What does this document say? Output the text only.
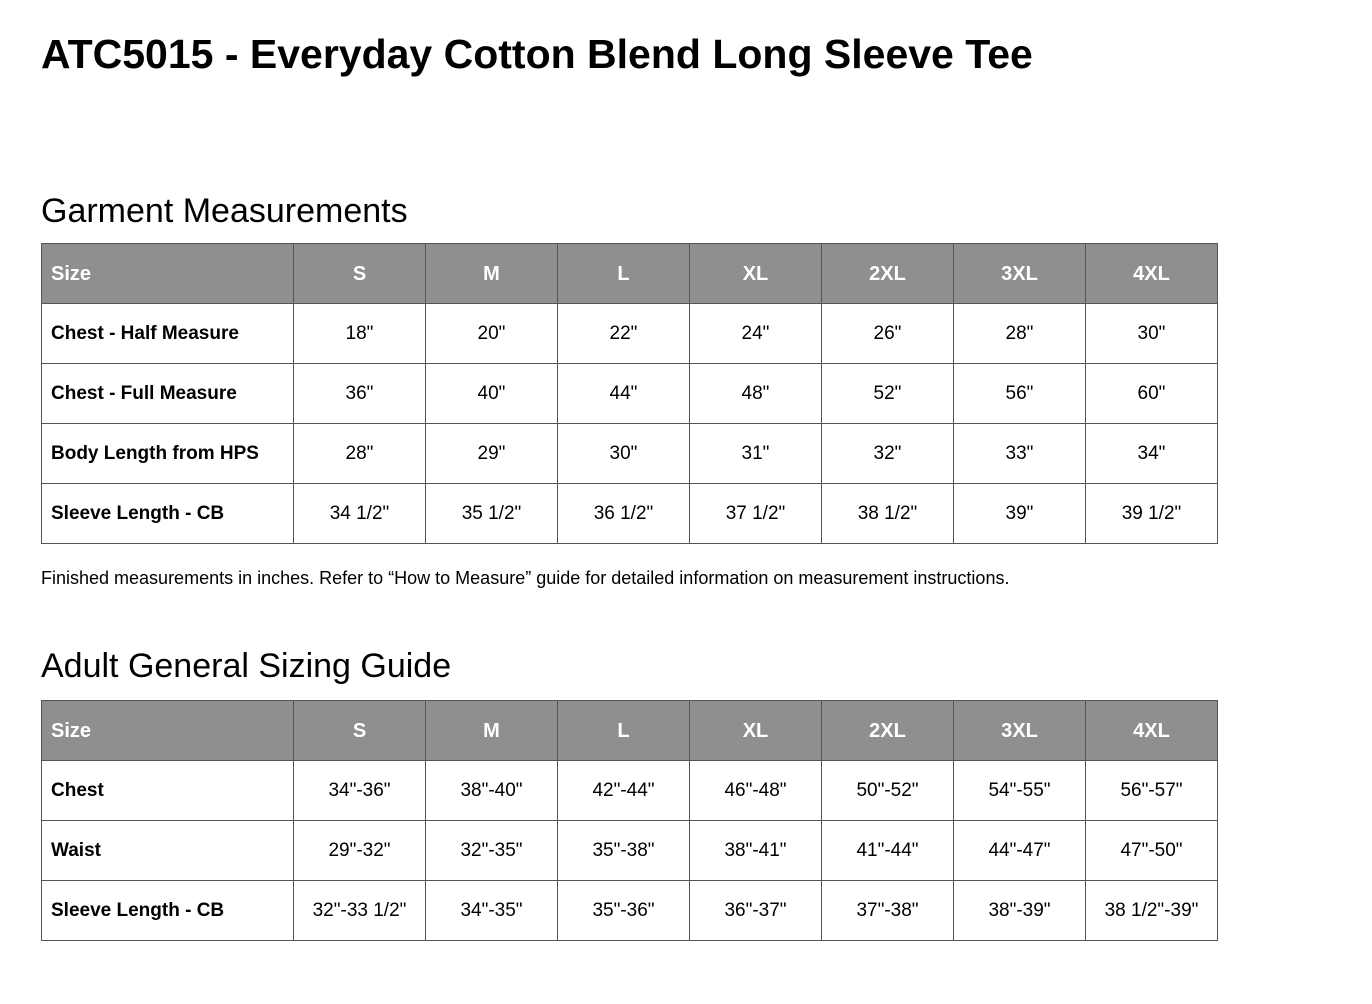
ATC5015 - Everyday Cotton Blend Long Sleeve Tee
Garment Measurements
Size	S	M	L	XL	2XL	3XL	4XL
Chest - Half Measure	18"	20"	22"	24"	26"	28"	30"
Chest - Full Measure	36"	40"	44"	48"	52"	56"	60"
Body Length from HPS	28"	29"	30"	31"	32"	33"	34"
Sleeve Length - CB	34 1/2"	35 1/2"	36 1/2"	37 1/2"	38 1/2"	39"	39 1/2"

Finished measurements in inches. Refer to “How to Measure” guide for detailed information on measurement instructions.

Adult General Sizing Guide
Size	S	M	L	XL	2XL	3XL	4XL
Chest	34"-36"	38"-40"	42"-44"	46"-48"	50"-52"	54"-55"	56"-57"
Waist	29"-32"	32"-35"	35"-38"	38"-41"	41"-44"	44"-47"	47"-50"
Sleeve Length - CB	32"-33 1/2"	34"-35"	35"-36"	36"-37"	37"-38"	38"-39"	38 1/2"-39"
